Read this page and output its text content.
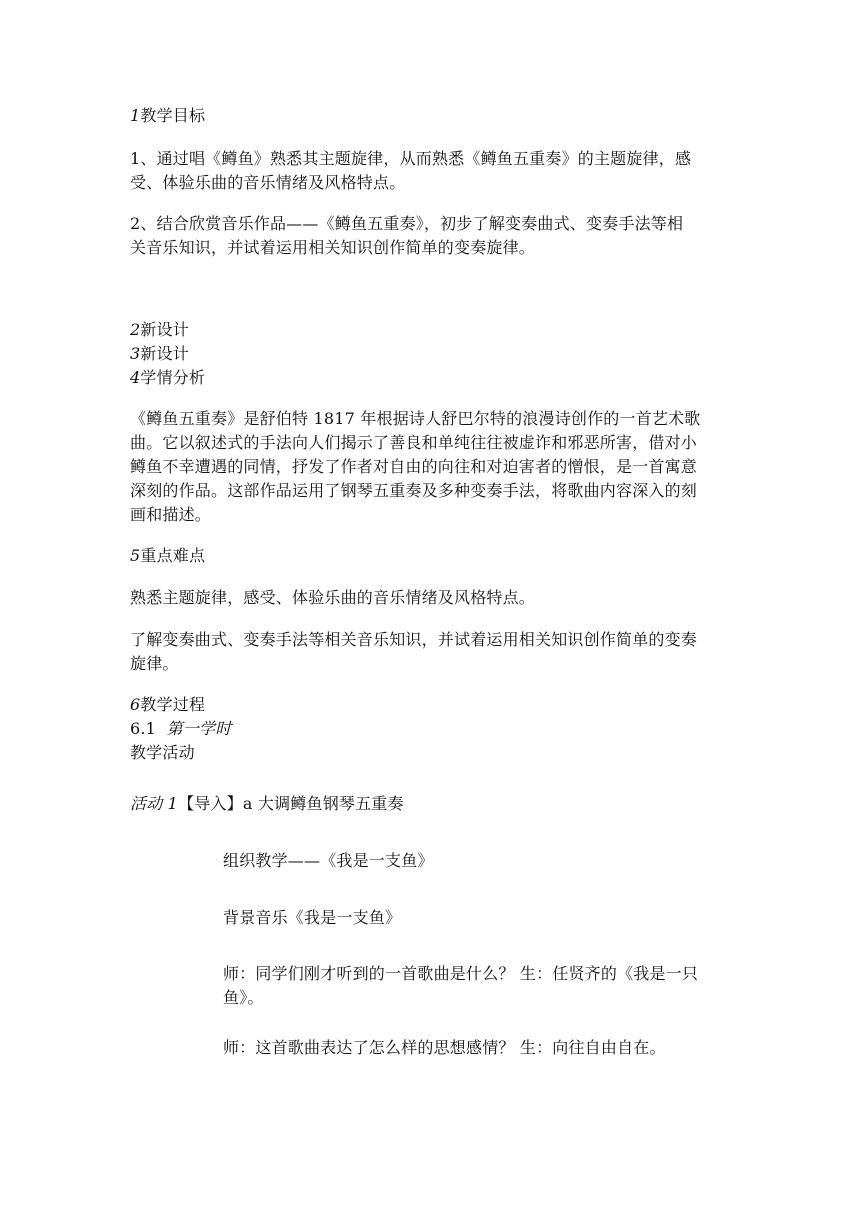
1教学目标
1、通过唱《鳟鱼》熟悉其主题旋律，从而熟悉《鳟鱼五重奏》的主题旋律，感
受、体验乐曲的音乐情绪及风格特点。
2、结合欣赏音乐作品——《鳟鱼五重奏》，初步了解变奏曲式、变奏手法等相
关音乐知识，并试着运用相关知识创作简单的变奏旋律。
2新设计
3新设计
4学情分析
《鳟鱼五重奏》是舒伯特 1817 年根据诗人舒巴尔特的浪漫诗创作的一首艺术歌
曲。它以叙述式的手法向人们揭示了善良和单纯往往被虚诈和邪恶所害，借对小
鳟鱼不幸遭遇的同情，抒发了作者对自由的向往和对迫害者的憎恨，是一首寓意
深刻的作品。这部作品运用了钢琴五重奏及多种变奏手法，将歌曲内容深入的刻
画和描述。
5重点难点
熟悉主题旋律，感受、体验乐曲的音乐情绪及风格特点。
了解变奏曲式、变奏手法等相关音乐知识，并试着运用相关知识创作简单的变奏
旋律。
6教学过程
6.1 第一学时
教学活动
活动 1【导入】a 大调鳟鱼钢琴五重奏
组织教学——《我是一支鱼》
背景音乐《我是一支鱼》
师：同学们刚才听到的一首歌曲是什么？ 生：任贤齐的《我是一只
鱼》。
师：这首歌曲表达了怎么样的思想感情？ 生：向往自由自在。
